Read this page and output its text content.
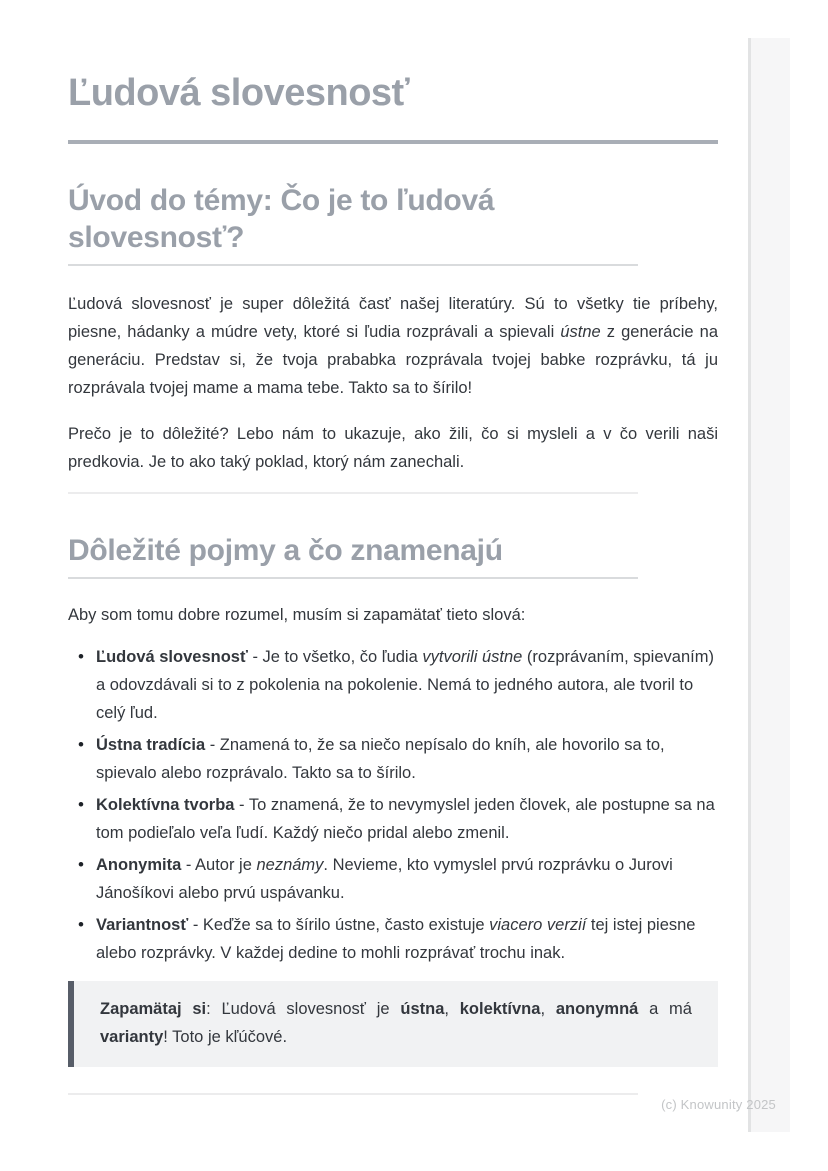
Ľudová slovesnosť
Úvod do témy: Čo je to ľudová slovesnosť?

Ľudová slovesnosť je super dôležitá časť našej literatúry. Sú to všetky tie príbehy, piesne, hádanky a múdre vety, ktoré si ľudia rozprávali a spievali ústne z generácie na generáciu. Predstav si, že tvoja prababka rozprávala tvojej babke rozprávku, tá ju rozprávala tvojej mame a mama tebe. Takto sa to šírilo!

Prečo je to dôležité? Lebo nám to ukazuje, ako žili, čo si mysleli a v čo verili naši predkovia. Je to ako taký poklad, ktorý nám zanechali.

Dôležité pojmy a čo znamenajú

Aby som tomu dobre rozumel, musím si zapamätať tieto slová:

• Ľudová slovesnosť - Je to všetko, čo ľudia vytvorili ústne (rozprávaním, spievaním) a odovzdávali si to z pokolenia na pokolenie. Nemá to jedného autora, ale tvoril to celý ľud.
• Ústna tradícia - Znamená to, že sa niečo nepísalo do kníh, ale hovorilo sa to, spievalo alebo rozprávalo. Takto sa to šírilo.
• Kolektívna tvorba - To znamená, že to nevymyslel jeden človek, ale postupne sa na tom podieľalo veľa ľudí. Každý niečo pridal alebo zmenil.
• Anonymita - Autor je neznámy. Nevieme, kto vymyslel prvú rozprávku o Jurovi Jánošíkovi alebo prvú uspávanku.
• Variantnosť - Keďže sa to šírilo ústne, často existuje viacero verzií tej istej piesne alebo rozprávky. V každej dedine to mohli rozprávať trochu inak.

Zapamätaj si: Ľudová slovesnosť je ústna, kolektívna, anonymná a má varianty! Toto je kľúčové.

(c) Knowunity 2025
